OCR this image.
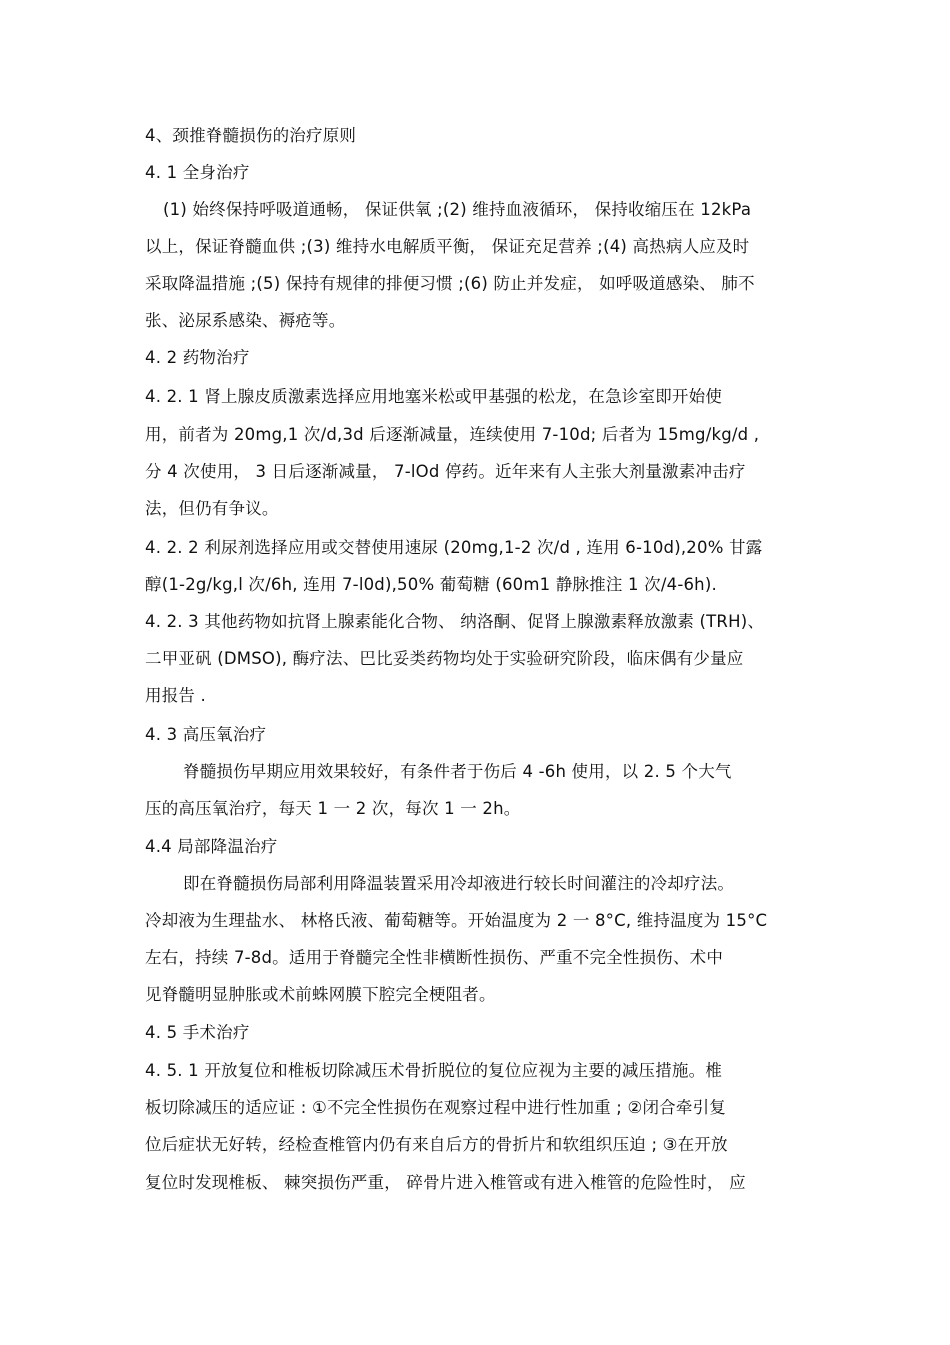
4、颈推脊髓损伤的治疗原则
4. 1 全身治疗
(1) 始终保持呼吸道通畅， 保证供氧 ;(2) 维持血液循环， 保持收缩压在 12kPa
以上，保证脊髓血供 ;(3) 维持水电解质平衡， 保证充足营养 ;(4) 高热病人应及时
采取降温措施 ;(5) 保持有规律的排便习惯 ;(6) 防止并发症， 如呼吸道感染、 肺不
张、泌尿系感染、褥疮等。
4. 2 药物治疗
4. 2. 1 肾上腺皮质激素选择应用地塞米松或甲基强的松龙，在急诊室即开始使
用，前者为 20mg,1 次/d,3d 后逐渐减量，连续使用 7-10d; 后者为 15mg/kg/d ,
分 4 次使用， 3 日后逐渐减量， 7-lOd 停药。近年来有人主张大剂量激素冲击疗
法，但仍有争议。
4. 2. 2 利尿剂选择应用或交替使用速尿 (20mg,1-2 次/d , 连用 6-10d),20% 甘露
醇(1-2g/kg,l 次/6h, 连用 7-l0d),50% 葡萄糖 (60m1 静脉推注 1 次/4-6h).
4. 2. 3 其他药物如抗肾上腺素能化合物、 纳洛酮、促肾上腺激素释放激素 (TRH)、
二甲亚矾 (DMSO), 酶疗法、巴比妥类药物均处于实验研究阶段，临床偶有少量应
用报告 .
4. 3 高压氧治疗
脊髓损伤早期应用效果较好，有条件者于伤后 4 -6h 使用，以 2. 5 个大气
压的高压氧治疗，每天 1 一 2 次，每次 1 一 2h。
4.4 局部降温治疗
即在脊髓损伤局部利用降温装置采用冷却液进行较长时间灌注的冷却疗法。
冷却液为生理盐水、 林格氏液、葡萄糖等。开始温度为 2 一 8°C, 维持温度为 15°C
左右，持续 7-8d。适用于脊髓完全性非横断性损伤、严重不完全性损伤、术中
见脊髓明显肿胀或术前蛛网膜下腔完全梗阻者。
4. 5 手术治疗
4. 5. 1 开放复位和椎板切除减压术骨折脱位的复位应视为主要的减压措施。椎
板切除减压的适应证 : ①不完全性损伤在观察过程中进行性加重 ; ②闭合牵引复
位后症状无好转，经检查椎管内仍有来自后方的骨折片和软组织压迫 ; ③在开放
复位时发现椎板、 棘突损伤严重， 碎骨片进入椎管或有进入椎管的危险性时， 应
